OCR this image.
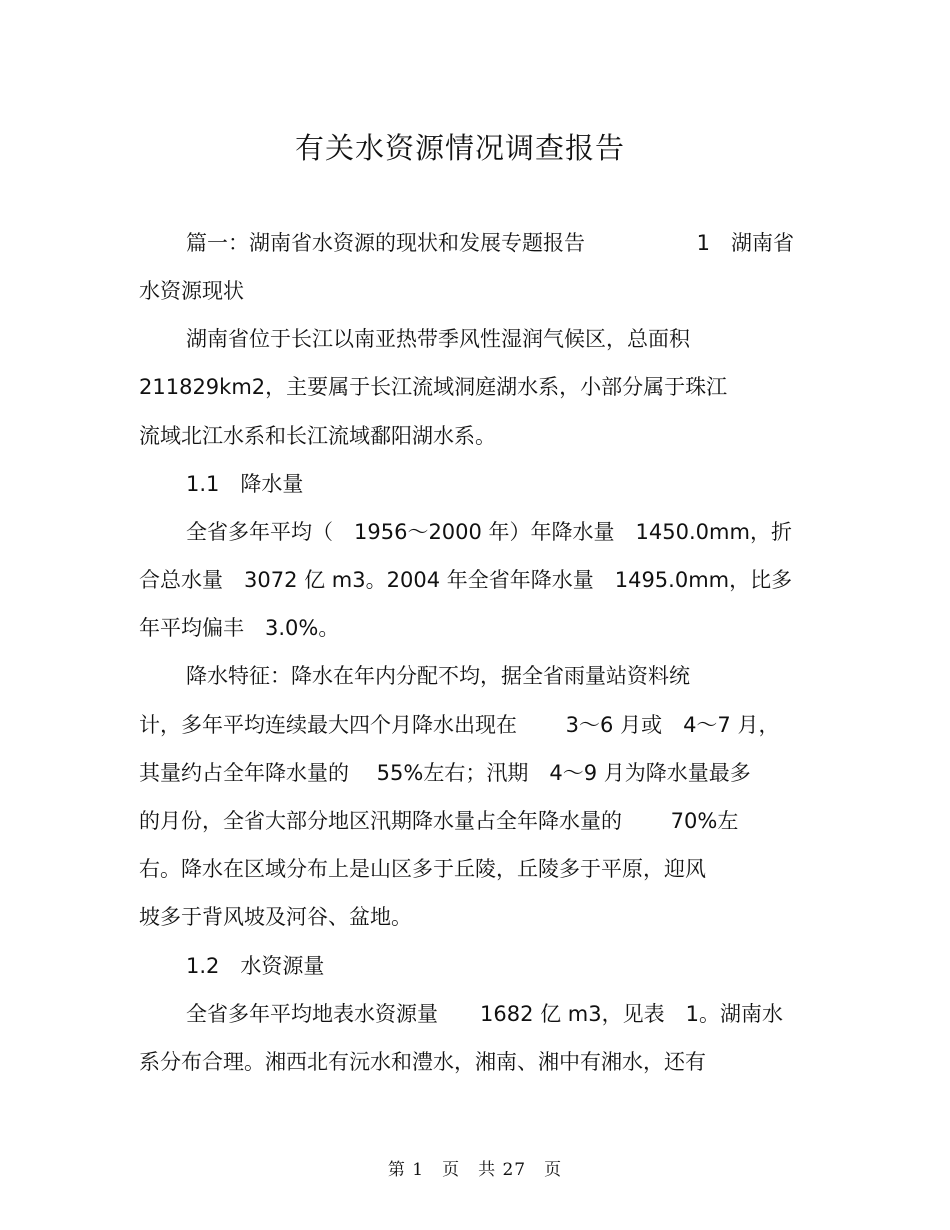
有关水资源情况调查报告
篇一：湖南省水资源的现状和发展专题报告　　　　　 1　湖南省
水资源现状
湖南省位于长江以南亚热带季风性湿润气候区，总面积
211829km2，主要属于长江流域洞庭湖水系，小部分属于珠江
流域北江水系和长江流域鄱阳湖水系。
1.1　降水量
全省多年平均（　1956～2000 年）年降水量　1450.0mm，折
合总水量　3072 亿 m3。2004 年全省年降水量　1495.0mm，比多
年平均偏丰　3.0%。
降水特征：降水在年内分配不均，据全省雨量站资料统
计，多年平均连续最大四个月降水出现在　　 3～6 月或　4～7 月，
其量约占全年降水量的　 55%左右；汛期　4～9 月为降水量最多
的月份，全省大部分地区汛期降水量占全年降水量的　　 70%左
右。降水在区域分布上是山区多于丘陵，丘陵多于平原，迎风
坡多于背风坡及河谷、盆地。
1.2　水资源量
全省多年平均地表水资源量　　1682 亿 m3，见表　1。湖南水
系分布合理。湘西北有沅水和澧水，湘南、湘中有湘水，还有
第 1　页　共 27　页
